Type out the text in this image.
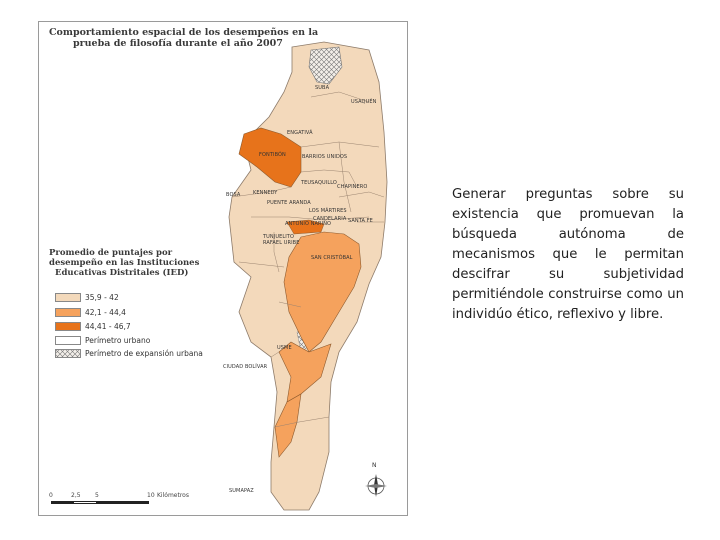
Comportamiento espacial de los desempeños en la
prueba de filosofía durante el año 2007
SUBA
USAQUÉN
ENGATIVÁ
FONTIBÓN	BARRIOS UNIDOS
CHAPINERO
TEUSAQUILLO
KENNEDY
BOSA
LOS MÁRTIRES
PUENTE ARANDA
SANTA FE
ANTONIO NARIÑO
CANDELARIA
TUNJUELITO
RAFAEL URIBE
SAN CRISTÓBAL
USME
CIUDAD BOLÍVAR
SUMAPAZ
Promedio de puntajes por
desempeño en las Instituciones
Educativas Distritales (IED)
35,9 - 42
42,1 - 44,4
44,41 - 46,7
Perímetro urbano
Perímetro de expansión urbana
0	2,5 5	10 Kilómetros
N

Generar preguntas sobre su existencia que promuevan la búsqueda autónoma de mecanismos que le permitan descifrar su subjetividad permitiéndole construirse como un individúo ético, reflexivo y libre.
